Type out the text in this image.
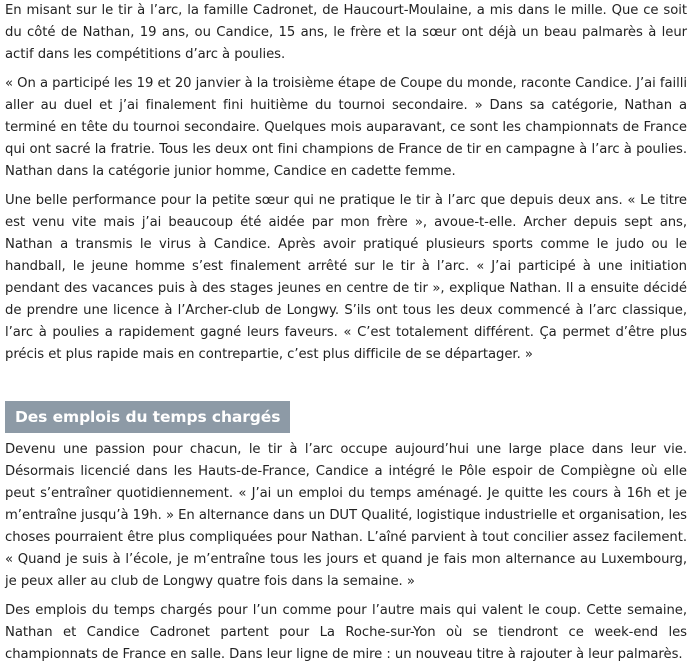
En misant sur le tir à l’arc, la famille Cadronet, de Haucourt-Moulaine, a mis dans le mille. Que ce soit du côté de Nathan, 19 ans, ou Candice, 15 ans, le frère et la sœur ont déjà un beau palmarès à leur actif dans les compétitions d’arc à poulies.

« On a participé les 19 et 20 janvier à la troisième étape de Coupe du monde, raconte Candice. J’ai failli aller au duel et j’ai finalement fini huitième du tournoi secondaire. » Dans sa catégorie, Nathan a terminé en tête du tournoi secondaire. Quelques mois auparavant, ce sont les championnats de France qui ont sacré la fratrie. Tous les deux ont fini champions de France de tir en campagne à l’arc à poulies. Nathan dans la catégorie junior homme, Candice en cadette femme.

Une belle performance pour la petite sœur qui ne pratique le tir à l’arc que depuis deux ans. « Le titre est venu vite mais j’ai beaucoup été aidée par mon frère », avoue-t-elle. Archer depuis sept ans, Nathan a transmis le virus à Candice. Après avoir pratiqué plusieurs sports comme le judo ou le handball, le jeune homme s’est finalement arrêté sur le tir à l’arc. « J’ai participé à une initiation pendant des vacances puis à des stages jeunes en centre de tir », explique Nathan. Il a ensuite décidé de prendre une licence à l’Archer-club de Longwy. S’ils ont tous les deux commencé à l’arc classique, l’arc à poulies a rapidement gagné leurs faveurs. « C’est totalement différent. Ça permet d’être plus précis et plus rapide mais en contrepartie, c’est plus difficile de se départager. »

Des emplois du temps chargés

Devenu une passion pour chacun, le tir à l’arc occupe aujourd’hui une large place dans leur vie. Désormais licencié dans les Hauts-de-France, Candice a intégré le Pôle espoir de Compiègne où elle peut s’entraîner quotidiennement. « J’ai un emploi du temps aménagé. Je quitte les cours à 16h et je m’entraîne jusqu’à 19h. » En alternance dans un DUT Qualité, logistique industrielle et organisation, les choses pourraient être plus compliquées pour Nathan. L’aîné parvient à tout concilier assez facilement. « Quand je suis à l’école, je m’entraîne tous les jours et quand je fais mon alternance au Luxembourg, je peux aller au club de Longwy quatre fois dans la semaine. »

Des emplois du temps chargés pour l’un comme pour l’autre mais qui valent le coup. Cette semaine, Nathan et Candice Cadronet partent pour La Roche-sur-Yon où se tiendront ce week-end les championnats de France en salle. Dans leur ligne de mire : un nouveau titre à rajouter à leur palmarès.
